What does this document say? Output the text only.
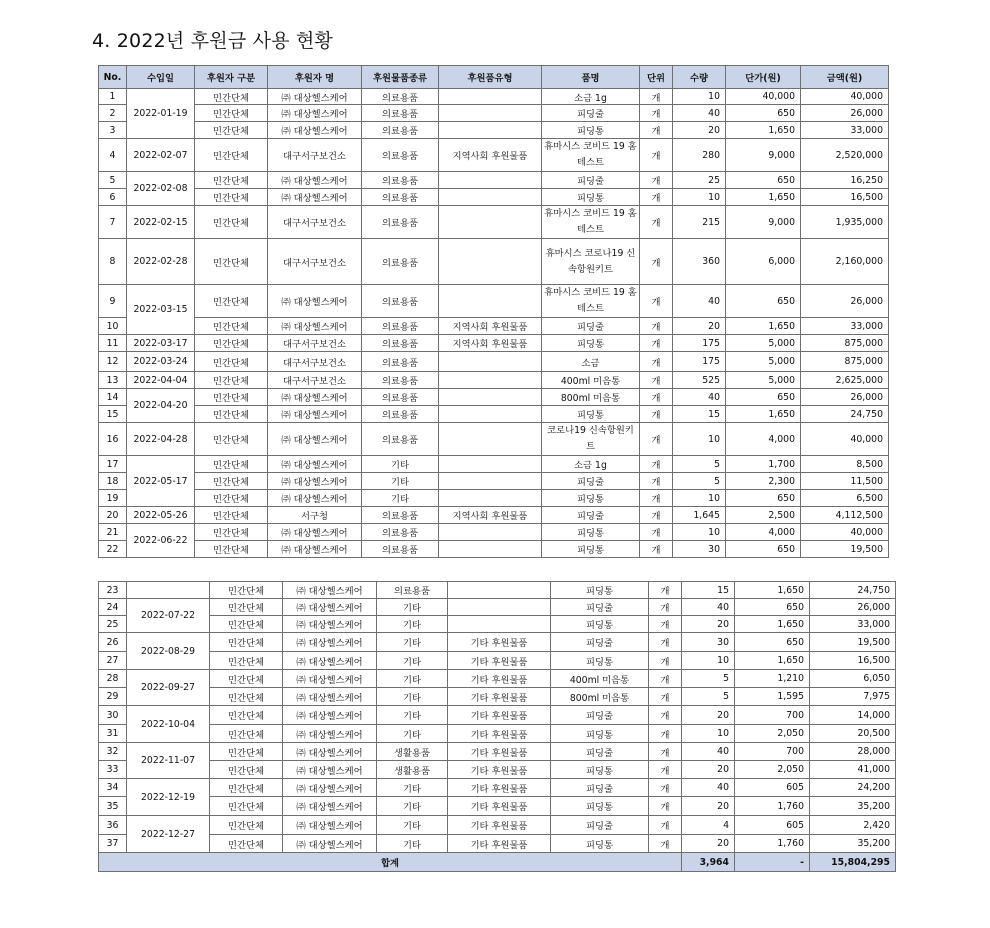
4. 2022년 후원금 사용 현황
No.	수입일	후원자 구분	후원자 명	후원물품종류	후원품유형	품명	단위	수량	단가(원)	금액(원)
1	2022-01-19	민간단체	㈜ 대상헬스케어	의료용품		소금 1g	개	10	40,000	40,000
2		민간단체	㈜ 대상헬스케어	의료용품		피딩줄	개	40	650	26,000
3		민간단체	㈜ 대상헬스케어	의료용품		피딩통	개	20	1,650	33,000
4	2022-02-07	민간단체	대구서구보건소	의료용품	지역사회 후원물품	휴마시스 코비드 19 홈테스트	개	280	9,000	2,520,000
5	2022-02-08	민간단체	㈜ 대상헬스케어	의료용품		피딩줄	개	25	650	16,250
6		민간단체	㈜ 대상헬스케어	의료용품		피딩통	개	10	1,650	16,500
7	2022-02-15	민간단체	대구서구보건소	의료용품		휴마시스 코비드 19 홈테스트	개	215	9,000	1,935,000
8	2022-02-28	민간단체	대구서구보건소	의료용품		휴마시스 코로나19 신속항원키트	개	360	6,000	2,160,000
9	2022-03-15	민간단체	㈜ 대상헬스케어	의료용품		휴마시스 코비드 19 홈테스트	개	40	650	26,000
10		민간단체	㈜ 대상헬스케어	의료용품	지역사회 후원물품	피딩줄	개	20	1,650	33,000
11	2022-03-17	민간단체	대구서구보건소	의료용품	지역사회 후원물품	피딩통	개	175	5,000	875,000
12	2022-03-24	민간단체	대구서구보건소	의료용품		소금	개	175	5,000	875,000
13	2022-04-04	민간단체	대구서구보건소	의료용품		400ml 미음통	개	525	5,000	2,625,000
14	2022-04-20	민간단체	㈜ 대상헬스케어	의료용품		800ml 미음통	개	40	650	26,000
15		민간단체	㈜ 대상헬스케어	의료용품		피딩통	개	15	1,650	24,750
16	2022-04-28	민간단체	㈜ 대상헬스케어	의료용품		코로나19 신속항원키트	개	10	4,000	40,000
17	2022-05-17	민간단체	㈜ 대상헬스케어	기타		소금 1g	개	5	1,700	8,500
18		민간단체	㈜ 대상헬스케어	기타		피딩줄	개	5	2,300	11,500
19		민간단체	㈜ 대상헬스케어	기타		피딩통	개	10	650	6,500
20	2022-05-26	민간단체	서구청	의료용품	지역사회 후원물품	피딩줄	개	1,645	2,500	4,112,500
21	2022-06-22	민간단체	㈜ 대상헬스케어	의료용품		피딩통	개	10	4,000	40,000
22		민간단체	㈜ 대상헬스케어	의료용품		피딩통	개	30	650	19,500
23		민간단체	㈜ 대상헬스케어	의료용품		피딩통	개	15	1,650	24,750
24	2022-07-22	민간단체	㈜ 대상헬스케어	기타		피딩줄	개	40	650	26,000
25		민간단체	㈜ 대상헬스케어	기타		피딩통	개	20	1,650	33,000
26	2022-08-29	민간단체	㈜ 대상헬스케어	기타	기타 후원물품	피딩줄	개	30	650	19,500
27		민간단체	㈜ 대상헬스케어	기타	기타 후원물품	피딩통	개	10	1,650	16,500
28	2022-09-27	민간단체	㈜ 대상헬스케어	기타	기타 후원물품	400ml 미음통	개	5	1,210	6,050
29		민간단체	㈜ 대상헬스케어	기타	기타 후원물품	800ml 미음통	개	5	1,595	7,975
30	2022-10-04	민간단체	㈜ 대상헬스케어	기타	기타 후원물품	피딩줄	개	20	700	14,000
31		민간단체	㈜ 대상헬스케어	기타	기타 후원물품	피딩통	개	10	2,050	20,500
32	2022-11-07	민간단체	㈜ 대상헬스케어	생활용품	기타 후원물품	피딩줄	개	40	700	28,000
33		민간단체	㈜ 대상헬스케어	생활용품	기타 후원물품	피딩통	개	20	2,050	41,000
34	2022-12-19	민간단체	㈜ 대상헬스케어	기타	기타 후원물품	피딩줄	개	40	605	24,200
35		민간단체	㈜ 대상헬스케어	기타	기타 후원물품	피딩통	개	20	1,760	35,200
36	2022-12-27	민간단체	㈜ 대상헬스케어	기타	기타 후원물품	피딩줄	개	4	605	2,420
37		민간단체	㈜ 대상헬스케어	기타	기타 후원물품	피딩통	개	20	1,760	35,200
합계								3,964	-	15,804,295
